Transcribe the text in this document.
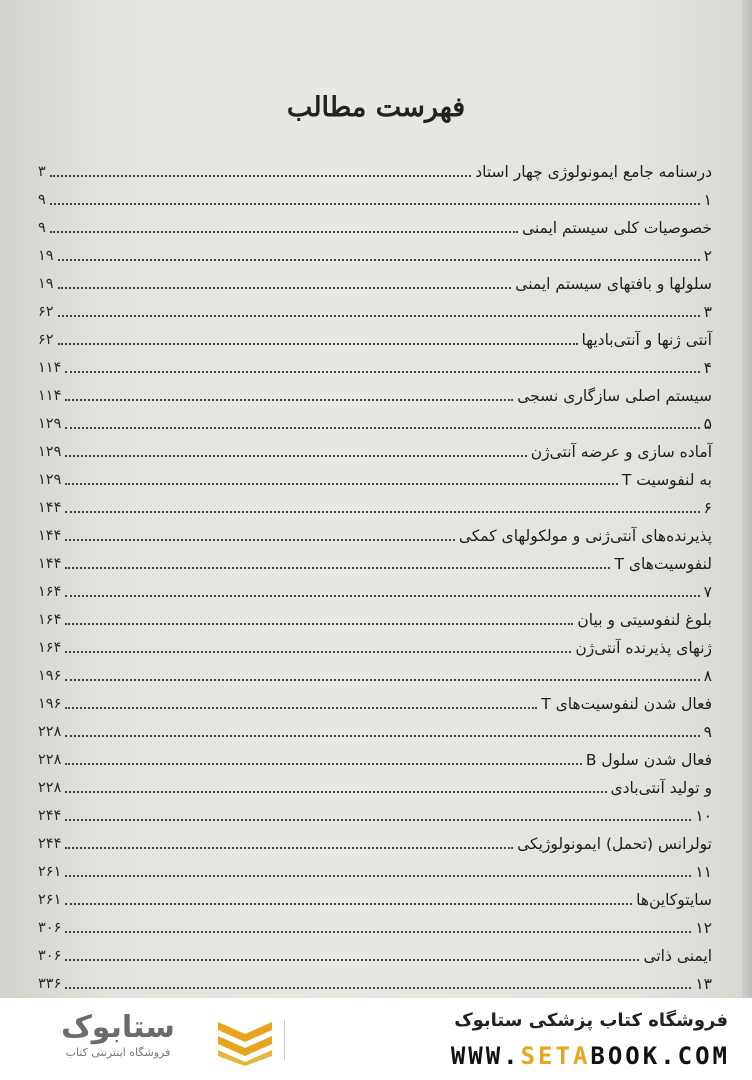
فهرست مطالب
درسنامه جامع ایمونولوژی چهار استاد
۳
۱
۹
خصوصیات کلی سیستم ایمنی
۹
۲
۱۹
سلولها و بافتهای سیستم ایمنی
۱۹
۳
۶۲
آنتی ژنها و آنتی‌بادیها
۶۲
۴
۱۱۴
سیستم اصلی سازگاری نسجی
۱۱۴
۵
۱۲۹
آماده سازی و عرضه آنتی‌ژن
۱۲۹
به لنفوسیت T
۱۲۹
۶
۱۴۴
پذیرنده‌های آنتی‌ژنی و مولکولهای کمکی
۱۴۴
لنفوسیت‌های T
۱۴۴
۷
۱۶۴
بلوغ لنفوسیتی و بیان
۱۶۴
ژنهای پذیرنده آنتی‌ژن
۱۶۴
۸
۱۹۶
فعال شدن لنفوسیت‌های T
۱۹۶
۹
۲۲۸
فعال شدن سلول B
۲۲۸
و تولید آنتی‌بادی
۲۲۸
۱۰
۲۴۴
تولرانس (تحمل) ایمونولوژیکی
۲۴۴
۱۱
۲۶۱
سایتوکاین‌ها
۲۶۱
۱۲
۳۰۶
ایمنی ذاتی
۳۰۶
۱۳
۳۳۶
ستابوک
فروشگاه اینترنتی کتاب
فروشگاه کتاب پزشکی ستابوک
WWW.SETABOOK.COM
